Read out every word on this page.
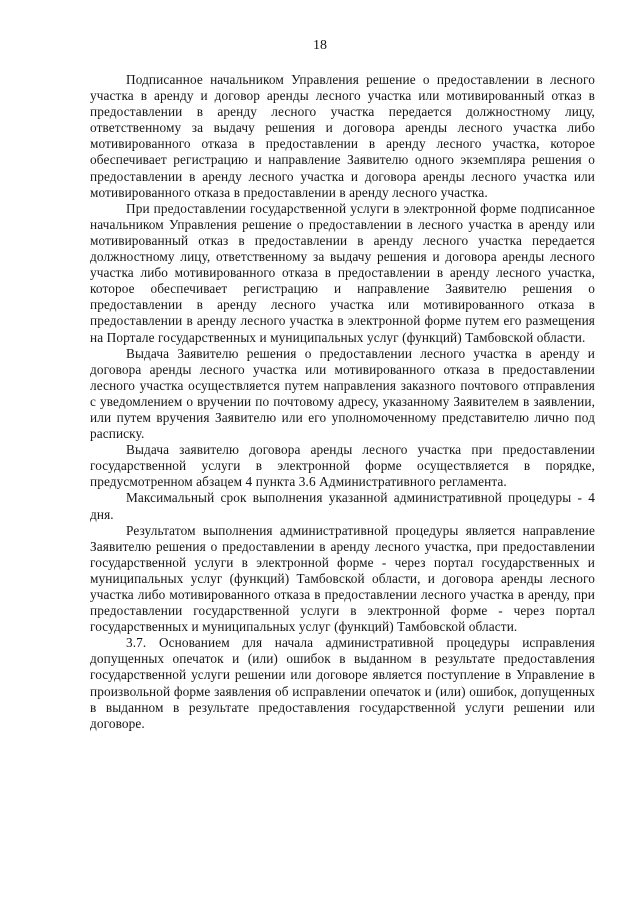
18

Подписанное начальником Управления решение о предоставлении в лесного участка в аренду и договор аренды лесного участка или мотивированный отказ в предоставлении в аренду лесного участка передается должностному лицу, ответственному за выдачу решения и договора аренды лесного участка либо мотивированного отказа в предоставлении в аренду лесного участка, которое обеспечивает регистрацию и направление Заявителю одного экземпляра решения о предоставлении в аренду лесного участка и договора аренды лесного участка или мотивированного отказа в предоставлении в аренду лесного участка.

При предоставлении государственной услуги в электронной форме подписанное начальником Управления решение о предоставлении в лесного участка в аренду или мотивированный отказ в предоставлении в аренду лесного участка передается должностному лицу, ответственному за выдачу решения и договора аренды лесного участка либо мотивированного отказа в предоставлении в аренду лесного участка, которое обеспечивает регистрацию и направление Заявителю решения о предоставлении в аренду лесного участка или мотивированного отказа в предоставлении в аренду лесного участка в электронной форме путем его размещения на Портале государственных и муниципальных услуг (функций) Тамбовской области.

Выдача Заявителю решения о предоставлении лесного участка в аренду и договора аренды лесного участка или мотивированного отказа в предоставлении лесного участка осуществляется путем направления заказного почтового отправления с уведомлением о вручении по почтовому адресу, указанному Заявителем в заявлении, или путем вручения Заявителю или его уполномоченному представителю лично под расписку.

Выдача заявителю договора аренды лесного участка при предоставлении государственной услуги в электронной форме осуществляется в порядке, предусмотренном абзацем 4 пункта 3.6 Административного регламента.

Максимальный срок выполнения указанной административной процедуры - 4 дня.

Результатом выполнения административной процедуры является направление Заявителю решения о предоставлении в аренду лесного участка, при предоставлении государственной услуги в электронной форме - через портал государственных и муниципальных услуг (функций) Тамбовской области, и договора аренды лесного участка либо мотивированного отказа в предоставлении лесного участка в аренду, при предоставлении государственной услуги в электронной форме - через портал государственных и муниципальных услуг (функций) Тамбовской области.

3.7. Основанием для начала административной процедуры исправления допущенных опечаток и (или) ошибок в выданном в результате предоставления государственной услуги решении или договоре является поступление в Управление в произвольной форме заявления об исправлении опечаток и (или) ошибок, допущенных в выданном в результате предоставления государственной услуги решении или договоре.
